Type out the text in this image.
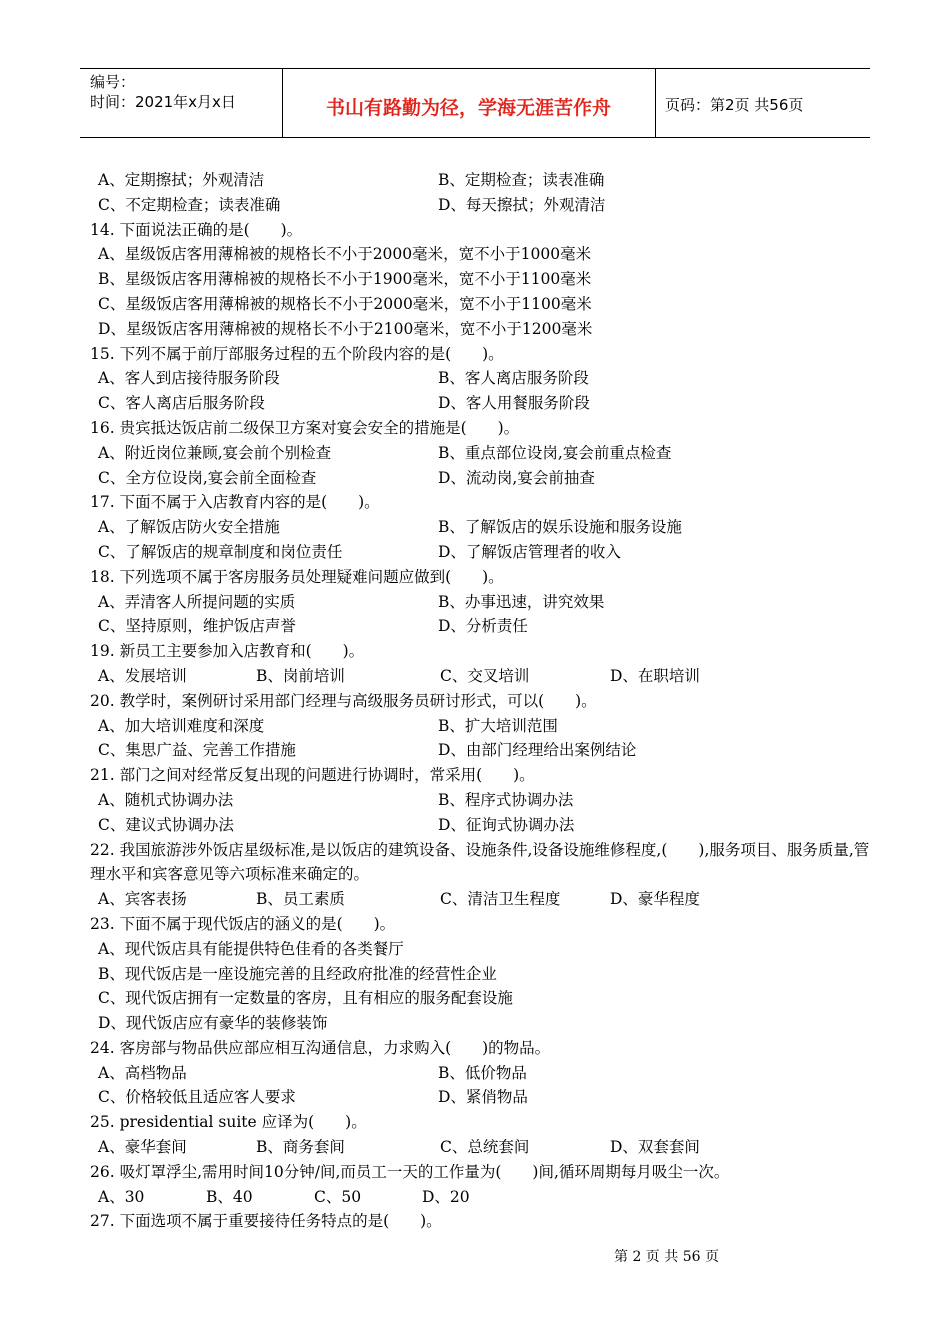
编号：
时间：2021年x月x日	书山有路勤为径，学海无涯苦作舟	页码：第2页 共56页
A、定期擦拭；外观清洁	B、定期检查；读表准确
C、不定期检查；读表准确	D、每天擦拭；外观清洁
14. 下面说法正确的是(　　)。
A、星级饭店客用薄棉被的规格长不小于2000毫米，宽不小于1000毫米
B、星级饭店客用薄棉被的规格长不小于1900毫米，宽不小于1100毫米
C、星级饭店客用薄棉被的规格长不小于2000毫米，宽不小于1100毫米
D、星级饭店客用薄棉被的规格长不小于2100毫米，宽不小于1200毫米
15. 下列不属于前厅部服务过程的五个阶段内容的是(　　)。
A、客人到店接待服务阶段	B、客人离店服务阶段
C、客人离店后服务阶段	D、客人用餐服务阶段
16. 贵宾抵达饭店前二级保卫方案对宴会安全的措施是(　　)。
A、附近岗位兼顾,宴会前个别检查	B、重点部位设岗,宴会前重点检查
C、全方位设岗,宴会前全面检查	D、流动岗,宴会前抽查
17. 下面不属于入店教育内容的是(　　)。
A、了解饭店防火安全措施	B、了解饭店的娱乐设施和服务设施
C、了解饭店的规章制度和岗位责任	D、了解饭店管理者的收入
18. 下列选项不属于客房服务员处理疑难问题应做到(　　)。
A、弄清客人所提问题的实质	B、办事迅速，讲究效果
C、坚持原则，维护饭店声誉	D、分析责任
19. 新员工主要参加入店教育和(　　)。
A、发展培训	B、岗前培训	C、交叉培训	D、在职培训
20. 教学时，案例研讨采用部门经理与高级服务员研讨形式，可以(　　)。
A、加大培训难度和深度	B、扩大培训范围
C、集思广益、完善工作措施	D、由部门经理给出案例结论
21. 部门之间对经常反复出现的问题进行协调时，常采用(　　)。
A、随机式协调办法	B、程序式协调办法
C、建议式协调办法	D、征询式协调办法
22. 我国旅游涉外饭店星级标准,是以饭店的建筑设备、设施条件,设备设施维修程度,(　　),服务项目、服务质量,管理水平和宾客意见等六项标准来确定的。
A、宾客表扬	B、员工素质	C、清洁卫生程度	D、豪华程度
23. 下面不属于现代饭店的涵义的是(　　)。
A、现代饭店具有能提供特色佳肴的各类餐厅
B、现代饭店是一座设施完善的且经政府批准的经营性企业
C、现代饭店拥有一定数量的客房，且有相应的服务配套设施
D、现代饭店应有豪华的装修装饰
24. 客房部与物品供应部应相互沟通信息，力求购入(　　)的物品。
A、高档物品	B、低价物品
C、价格较低且适应客人要求	D、紧俏物品
25. presidential suite 应译为(　　)。
A、豪华套间	B、商务套间	C、总统套间	D、双套套间
26. 吸灯罩浮尘,需用时间10分钟/间,而员工一天的工作量为(　　)间,循环周期每月吸尘一次。
A、30	B、40	C、50	D、20
27. 下面选项不属于重要接待任务特点的是(　　)。
第 2 页 共 56 页
